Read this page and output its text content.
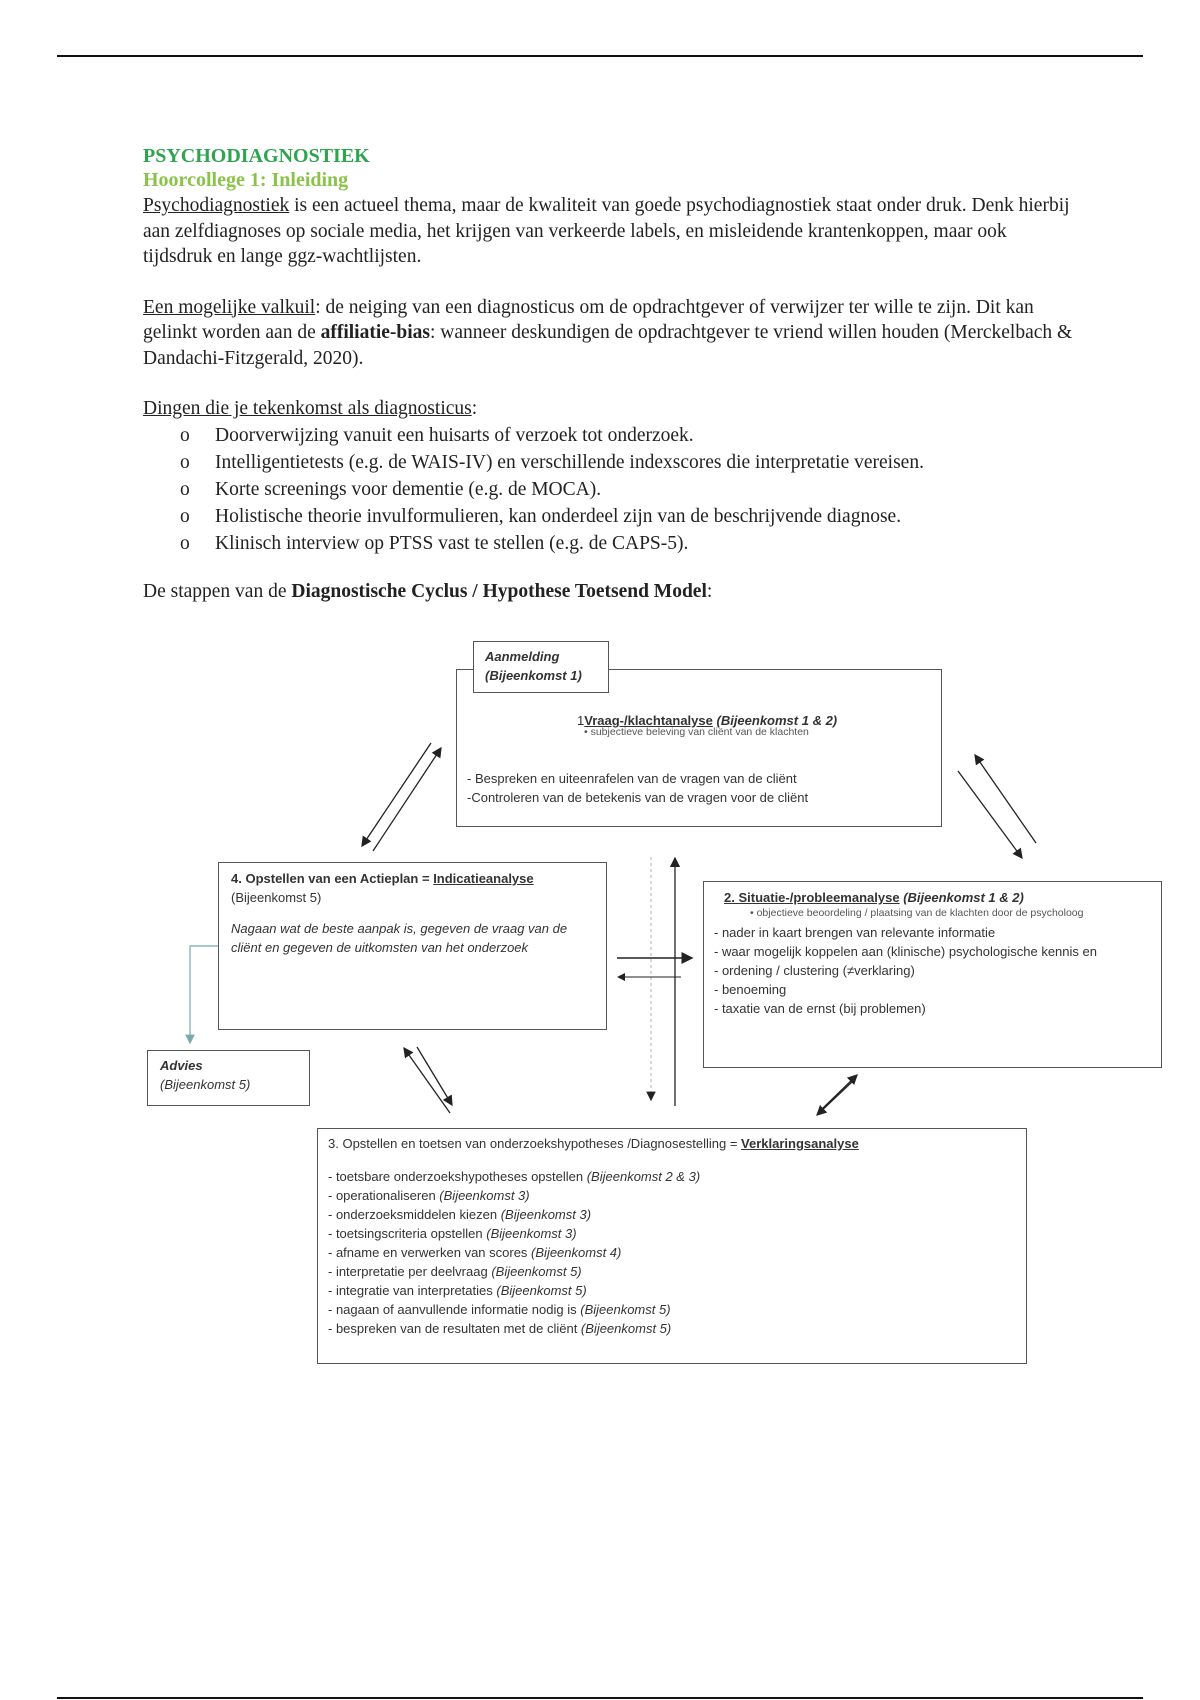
PSYCHODIAGNOSTIEK
Hoorcollege 1: Inleiding

Psychodiagnostiek is een actueel thema, maar de kwaliteit van goede psychodiagnostiek staat onder druk. Denk hierbij aan zelfdiagnoses op sociale media, het krijgen van verkeerde labels, en misleidende krantenkoppen, maar ook tijdsdruk en lange ggz-wachtlijsten.

Een mogelijke valkuil: de neiging van een diagnosticus om de opdrachtgever of verwijzer ter wille te zijn. Dit kan gelinkt worden aan de affiliatie-bias: wanneer deskundigen de opdrachtgever te vriend willen houden (Merckelbach & Dandachi-Fitzgerald, 2020).

Dingen die je tekenkomst als diagnosticus:

o Doorverwijzing vanuit een huisarts of verzoek tot onderzoek.
o Intelligentietests (e.g. de WAIS-IV) en verschillende indexscores die interpretatie vereisen.
o Korte screenings voor dementie (e.g. de MOCA).
o Holistische theorie invulformulieren, kan onderdeel zijn van de beschrijvende diagnose.
o Klinisch interview op PTSS vast te stellen (e.g. de CAPS-5).

De stappen van de Diagnostische Cyclus / Hypothese Toetsend Model:

1Vraag-/klachtanalyse (Bijeenkomst 1 & 2)
• subjectieve beleving van cliënt van de klachten
- Bespreken en uiteenrafelen van de vragen van de cliënt
-Controleren van de betekenis van de vragen voor de cliënt
Aanmelding
(Bijeenkomst 1)
4. Opstellen van een Actieplan = Indicatieanalyse
(Bijeenkomst 5)
Nagaan wat de beste aanpak is, gegeven de vraag van de cliënt en gegeven de uitkomsten van het onderzoek
Advies
(Bijeenkomst 5)
2. Situatie-/probleemanalyse (Bijeenkomst 1 & 2)
• objectieve beoordeling / plaatsing van de klachten door de psycholoog
- nader in kaart brengen van relevante informatie
- waar mogelijk koppelen aan (klinische) psychologische kennis en
- ordening / clustering (≠verklaring)
- benoeming
- taxatie van de ernst (bij problemen)
3. Opstellen en toetsen van onderzoekshypotheses /Diagnosestelling = Verklaringsanalyse
- toetsbare onderzoekshypotheses opstellen (Bijeenkomst 2 & 3)
- operationaliseren (Bijeenkomst 3)
- onderzoeksmiddelen kiezen (Bijeenkomst 3)
- toetsingscriteria opstellen (Bijeenkomst 3)
- afname en verwerken van scores (Bijeenkomst 4)
- interpretatie per deelvraag (Bijeenkomst 5)
- integratie van interpretaties (Bijeenkomst 5)
- nagaan of aanvullende informatie nodig is (Bijeenkomst 5)
- bespreken van de resultaten met de cliënt (Bijeenkomst 5)
